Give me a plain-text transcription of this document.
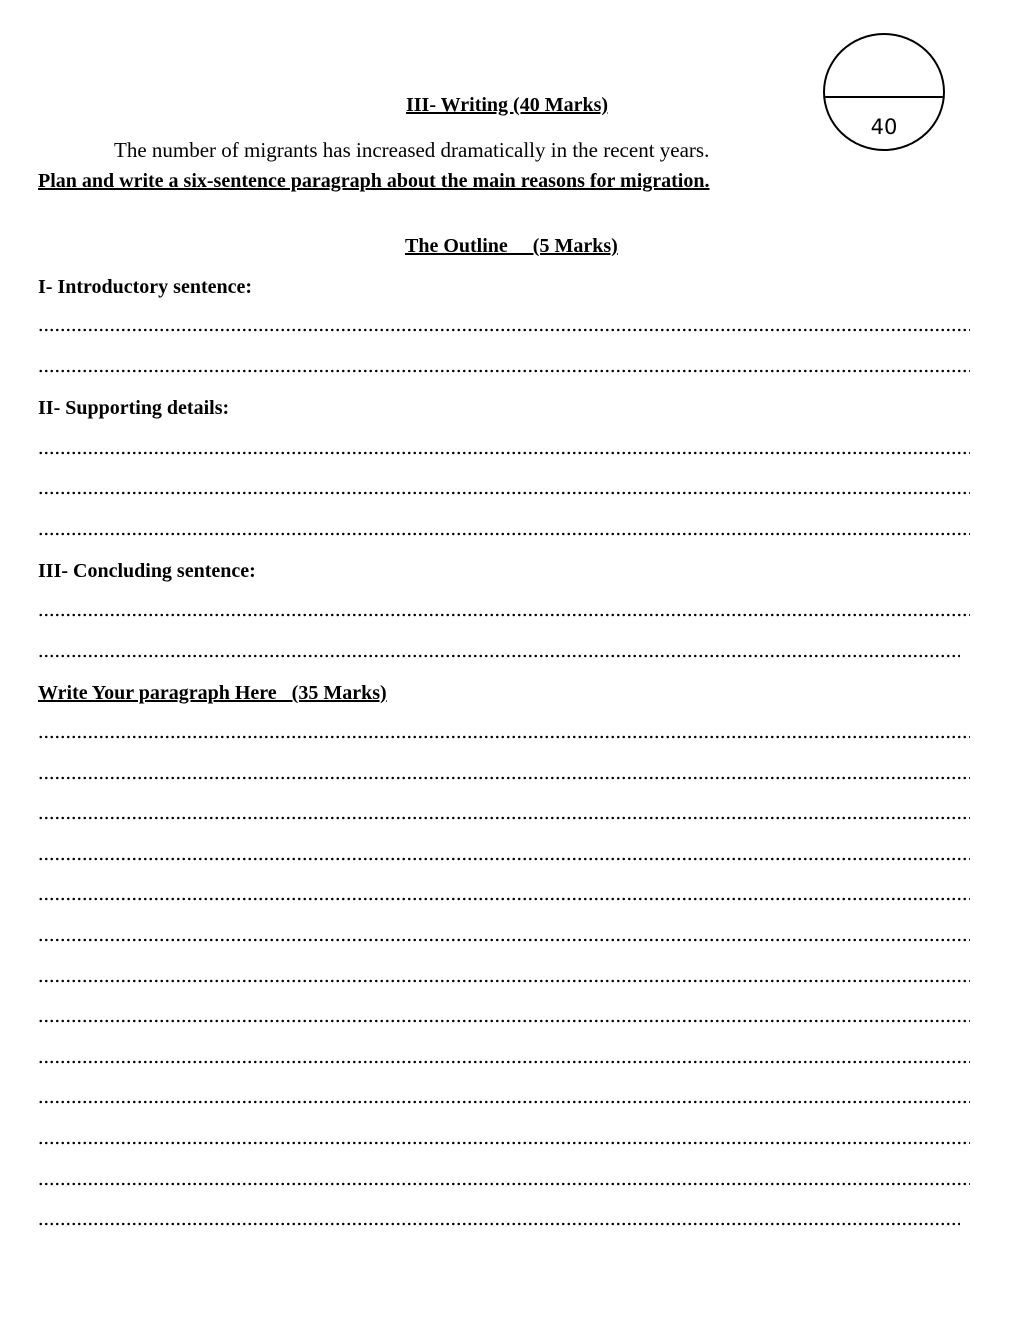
40
III- Writing (40 Marks)
The number of migrants has increased dramatically in the recent years.
Plan and write a six-sentence paragraph about the main reasons for migration.
The Outline     (5 Marks)
I- Introductory sentence:
II- Supporting details:
III- Concluding sentence:
Write Your paragraph Here   (35 Marks)
